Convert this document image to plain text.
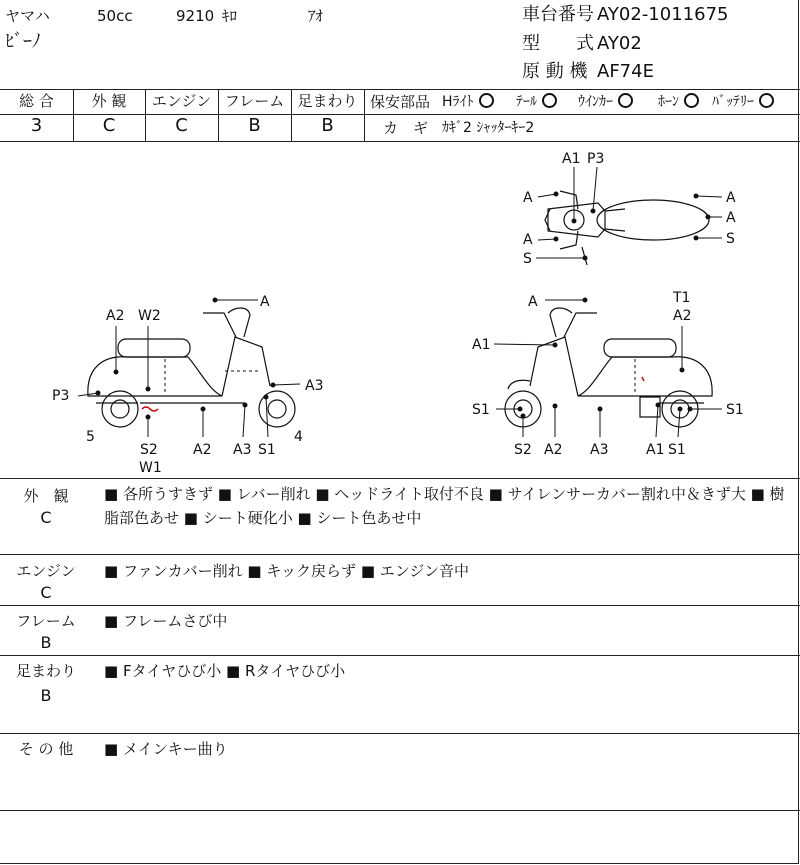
ヤマハ	50cc	9210 ｷﾛ	ｱｵ
ﾋﾞｰﾉ
車台番号 AY02-1011675
型　　式 AY02
原 動 機 AF74E
総 合	外 観	エンジン フレーム 足まわり
3	C	C	B	B
保安部品 Hﾗｲﾄ	ﾃｰﾙ	ｳｲﾝｶｰ	ﾎｰﾝ	ﾊﾞｯﾃﾘｰ
カ　ギ ｶｷﾞ2 ｼｬｯﾀｰｷｰ2
A1 P3
A
A
S
A
A
S
A
A2 W2
P3
A3
5
S2
W1
A2 A3 S1
4
A	T1
A2
A1
S1
S2 A2 A3	A1 S1
S1
外　観
C
■ 各所うすきず ■ レバー削れ ■ ヘッドライト取付不良 ■ サイレンサーカバー割れ中＆きず大 ■ 樹脂部色あせ ■ シート硬化小 ■ シート色あせ中
エンジン
C
■ ファンカバー削れ ■ キック戻らず ■ エンジン音中
フレーム
B
■ フレームさび中
足まわり
B
■ Fタイヤひび小 ■ Rタイヤひび小
そ の 他	■ メインキー曲り
